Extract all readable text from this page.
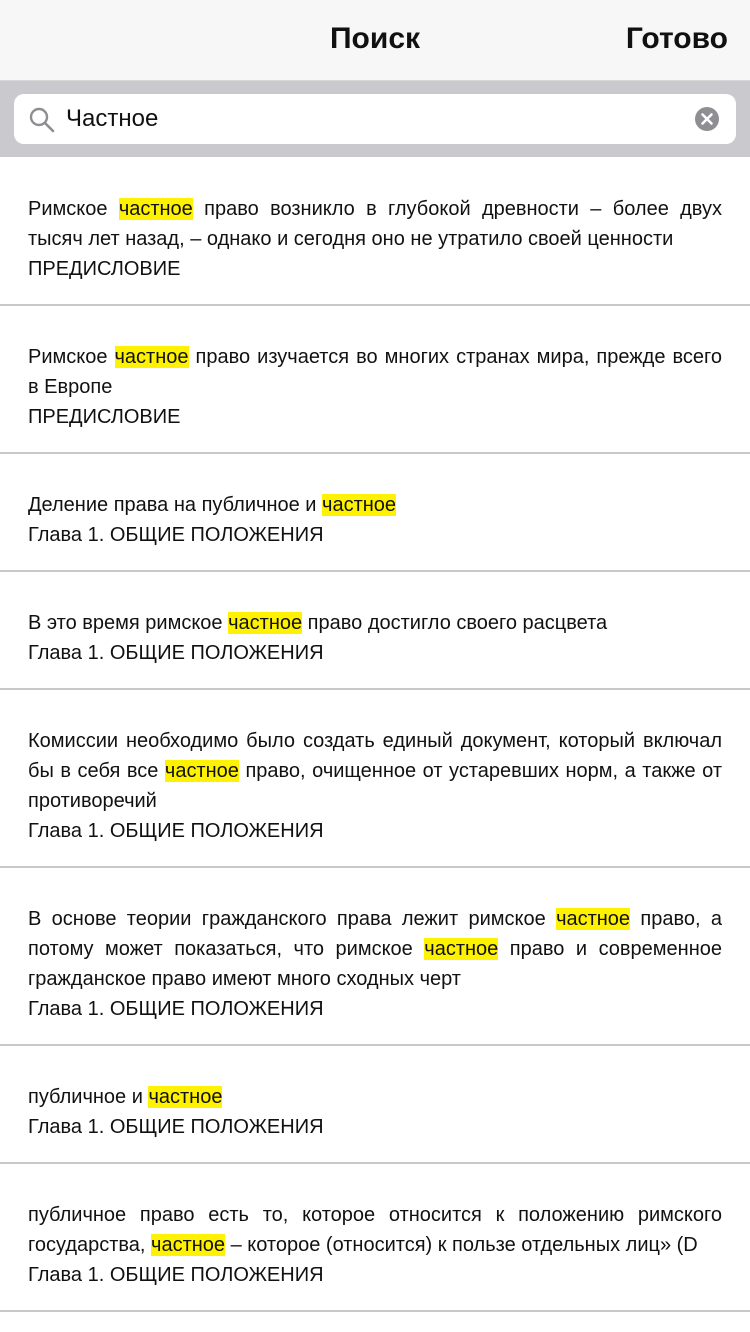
Поиск	Готово
Частное
Римское частное право возникло в глубокой древности – более двух тысяч лет назад, – однако и сегодня оно не утратило своей ценности
ПРЕДИСЛОВИЕ
Римское частное право изучается во многих странах мира, прежде всего в Европе
ПРЕДИСЛОВИЕ
Деление права на публичное и частное
Глава 1. ОБЩИЕ ПОЛОЖЕНИЯ
В это время римское частное право достигло своего расцвета
Глава 1. ОБЩИЕ ПОЛОЖЕНИЯ
Комиссии необходимо было создать единый документ, который включал бы в себя все частное право, очищенное от устаревших норм, а также от противоречий
Глава 1. ОБЩИЕ ПОЛОЖЕНИЯ
В основе теории гражданского права лежит римское частное право, а потому может показаться, что римское частное право и современное гражданское право имеют много сходных черт
Глава 1. ОБЩИЕ ПОЛОЖЕНИЯ
публичное и частное
Глава 1. ОБЩИЕ ПОЛОЖЕНИЯ
публичное право есть то, которое относится к положению римского государства, частное – которое (относится) к пользе отдельных лиц» (D
Глава 1. ОБЩИЕ ПОЛОЖЕНИЯ
